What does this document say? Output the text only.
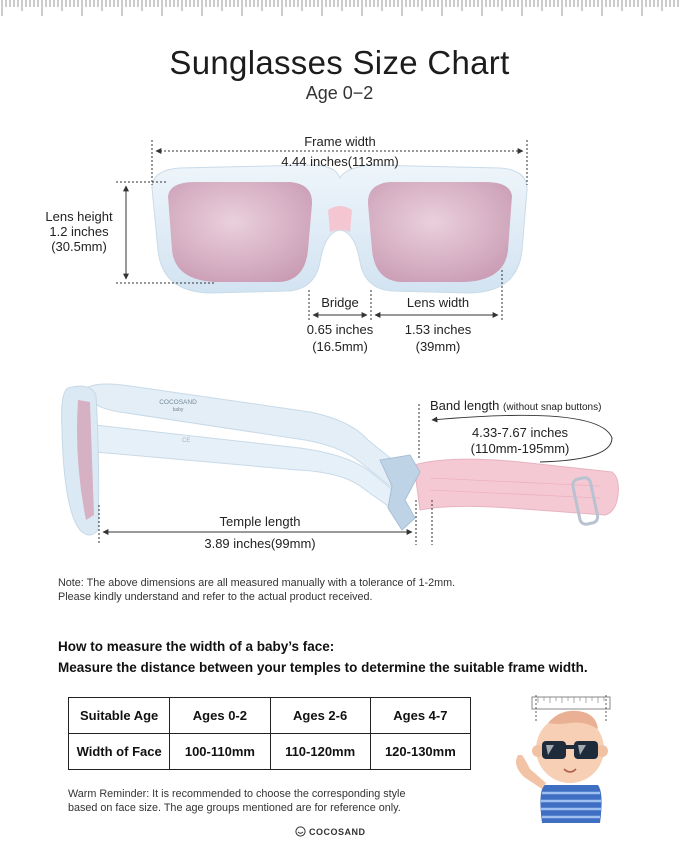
Sunglasses Size Chart
Age 0−2
COCOSAND
baby
CE
Frame width
4.44 inches(113mm)
Lens height
1.2 inches
(30.5mm)
Bridge
0.65 inches
(16.5mm)
Lens width
1.53 inches
(39mm)
Band length (without snap buttons)
4.33-7.67 inches
(110mm-195mm)
Temple length
3.89 inches(99mm)
Note: The above dimensions are all measured manually with a tolerance of 1-2mm.
Please kindly understand and refer to the actual product received.
How to measure the width of a baby’s face:
Measure the distance between your temples to determine the suitable frame width.
Suitable Age	Ages 0-2	Ages 2-6	Ages 4-7
Width of Face	100-110mm	110-120mm	120-130mm
Warm Reminder: It is recommended to choose the corresponding style
based on face size. The age groups mentioned are for reference only.
COCOSAND
